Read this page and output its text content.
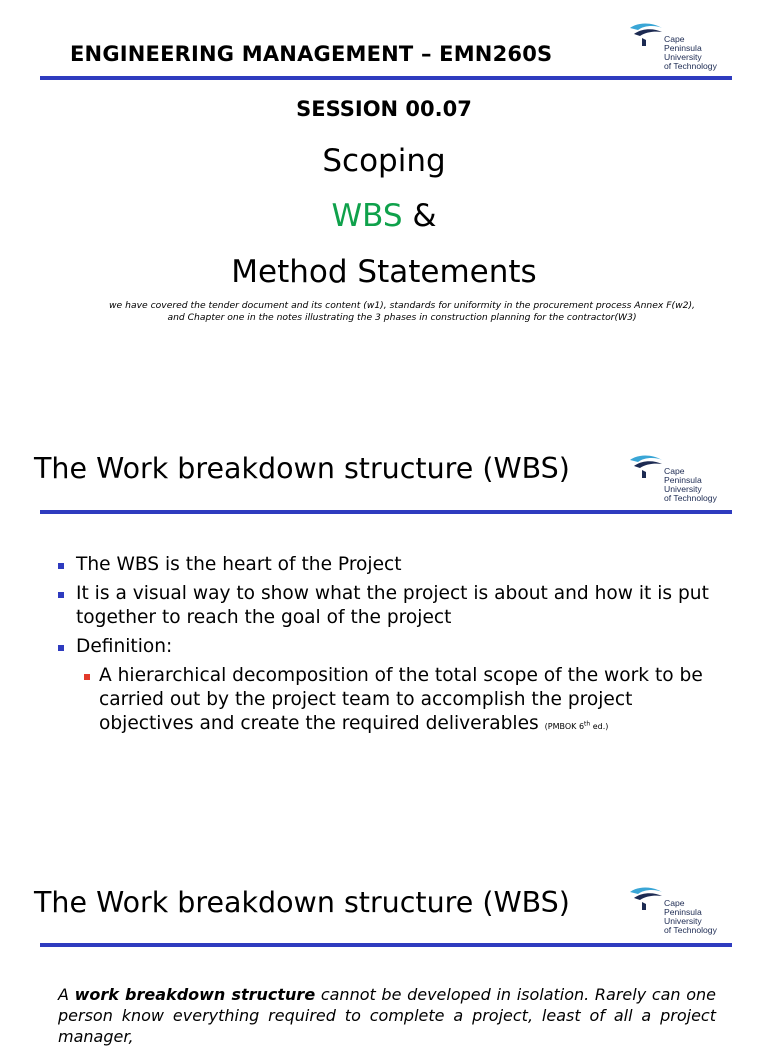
Cape
Peninsula
University
of Technology
ENGINEERING MANAGEMENT – EMN260S
SESSION 00.07
Scoping
WBS &
Method Statements
we have covered the tender document and its content (w1), standards for uniformity in the procurement process Annex F(w2), and Chapter one in the notes illustrating the 3 phases in construction planning for the contractor(W3)
The Work breakdown structure (WBS)	Cape
Peninsula
University
of Technology
The WBS is the heart of the Project
It is a visual way to show what the project is about and how it is put together to reach the goal of the project
Definition:
A hierarchical decomposition of the total scope of the work to be carried out by the project team to accomplish the project objectives and create the required deliverables (PMBOK 6th ed.)
The Work breakdown structure (WBS)	Cape
Peninsula
University
of Technology
A work breakdown structure cannot be developed in isolation. Rarely can one person know everything required to complete a project, least of all a project manager,
